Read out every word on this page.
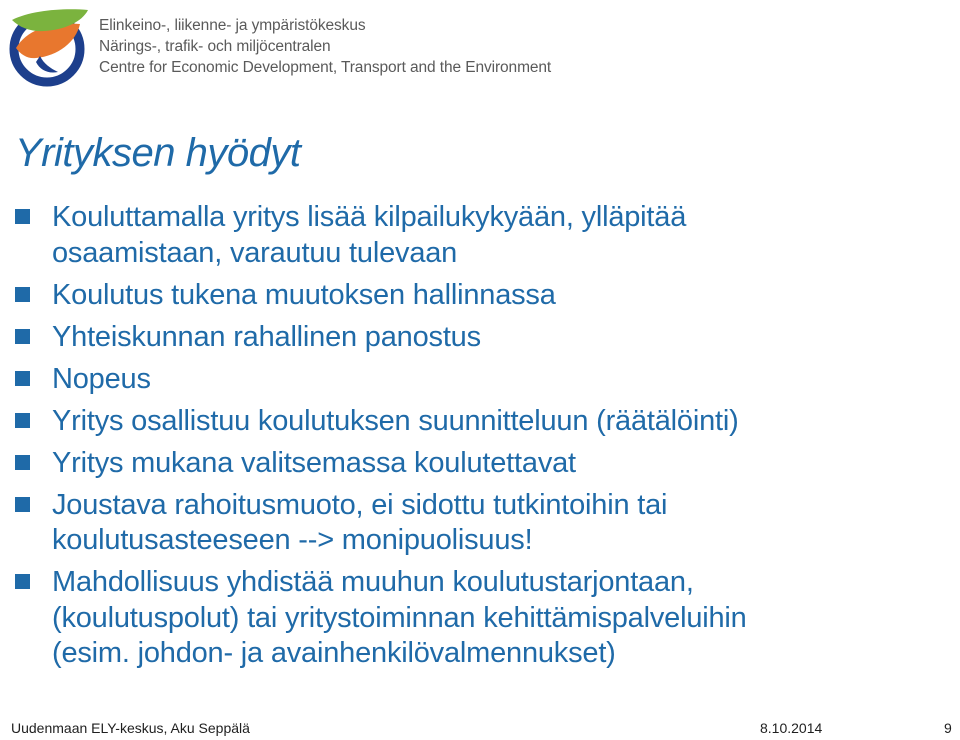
Elinkeino-, liikenne- ja ympäristökeskus
Närings-, trafik- och miljöcentralen
Centre for Economic Development, Transport and the Environment
Yrityksen hyödyt
Kouluttamalla yritys lisää kilpailukykyään, ylläpitää
osaamistaan, varautuu tulevaan
Koulutus tukena muutoksen hallinnassa
Yhteiskunnan rahallinen panostus
Nopeus
Yritys osallistuu koulutuksen suunnitteluun (räätälöinti)
Yritys mukana valitsemassa koulutettavat
Joustava rahoitusmuoto, ei sidottu tutkintoihin tai
koulutusasteeseen --> monipuolisuus!
Mahdollisuus yhdistää muuhun koulutustarjontaan,
(koulutuspolut) tai yritystoiminnan kehittämispalveluihin
(esim. johdon- ja avainhenkilövalmennukset)
Uudenmaan ELY-keskus, Aku Seppälä	8.10.2014	9
